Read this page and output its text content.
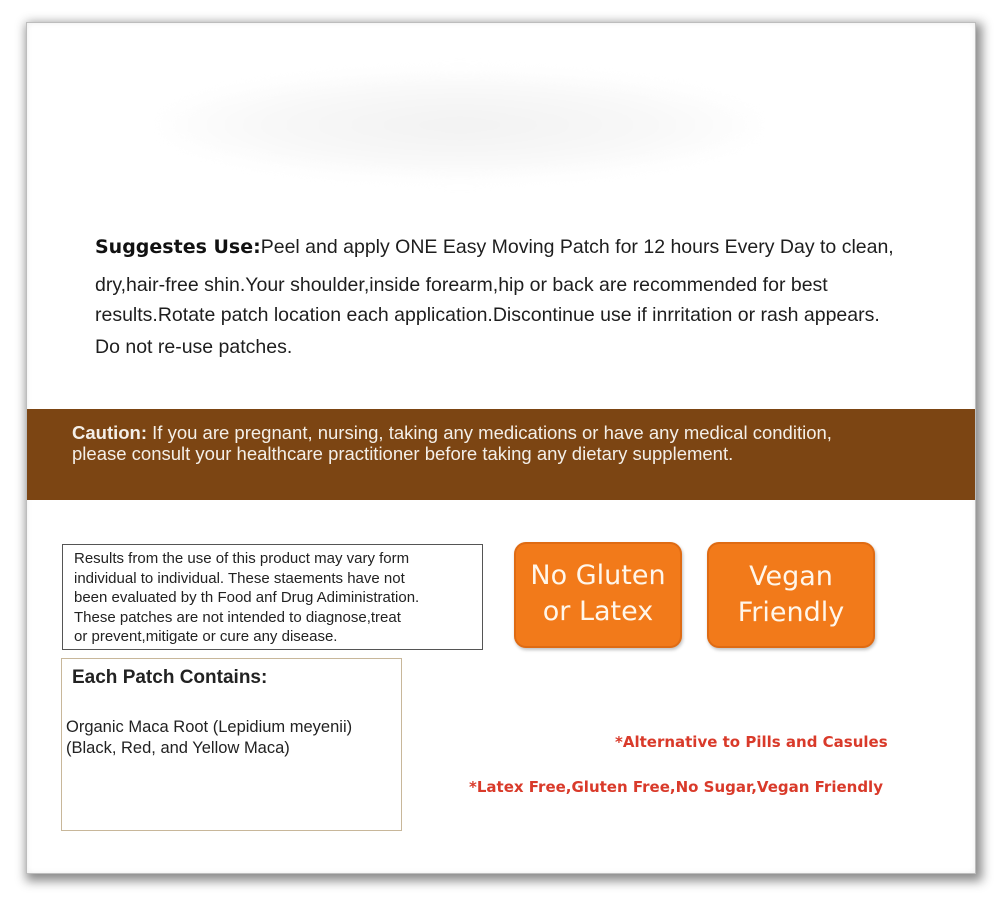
Suggestes Use:Peel and apply ONE Easy Moving Patch for 12 hours Every Day to clean,
dry,hair-free shin.Your shoulder,inside forearm,hip or back are recommended for best
results.Rotate patch location each application.Discontinue use if inrritation or rash appears.
Do not re-use patches.
Caution: If you are pregnant, nursing, taking any medications or have any medical condition,
please consult your healthcare practitioner before taking any dietary supplement.
Results from the use of this product may vary form
individual to individual. These staements have not
been evaluated by th Food anf Drug Adiministration.
These patches are not intended to diagnose,treat
or prevent,mitigate or cure any disease.
Each Patch Contains:
Organic Maca Root (Lepidium meyenii)
(Black, Red, and Yellow Maca)
No Gluten
or Latex
Vegan
Friendly
*Alternative to Pills and Casules
*Latex Free,Gluten Free,No Sugar,Vegan Friendly
